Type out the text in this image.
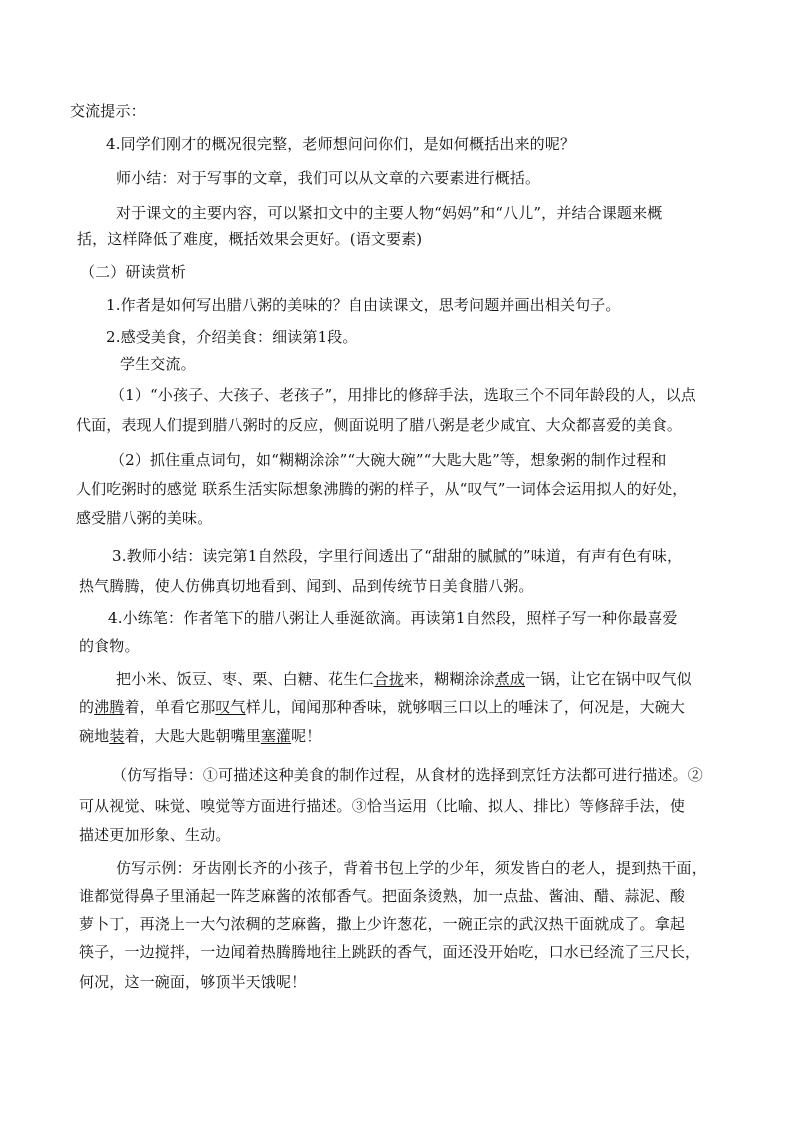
交流提示：
4.同学们刚才的概况很完整，老师想问问你们，是如何概括出来的呢？
师小结：对于写事的文章，我们可以从文章的六要素进行概括。
对于课文的主要内容，可以紧扣文中的主要人物“妈妈”和“八儿”，并结合课题来概
括，这样降低了难度，概括效果会更好。(语文要素)
（二）研读赏析
1.作者是如何写出腊八粥的美味的？自由读课文，思考问题并画出相关句子。
2.感受美食，介绍美食：细读第1段。
学生交流。
（1）“小孩子、大孩子、老孩子”，用排比的修辞手法，选取三个不同年龄段的人，以点
代面，表现人们提到腊八粥时的反应，侧面说明了腊八粥是老少咸宜、大众都喜爱的美食。
（2）抓住重点词句，如“糊糊涂涂”“大碗大碗”“大匙大匙”等，想象粥的制作过程和
人们吃粥时的感觉 联系生活实际想象沸腾的粥的样子，从“叹气”一词体会运用拟人的好处，
感受腊八粥的美味。
3.教师小结：读完第1自然段，字里行间透出了“甜甜的腻腻的”味道，有声有色有味，
热气腾腾，使人仿佛真切地看到、闻到、品到传统节日美食腊八粥。
4.小练笔：作者笔下的腊八粥让人垂涎欲滴。再读第1自然段，照样子写一种你最喜爱
的食物。
把小米、饭豆、枣、栗、白糖、花生仁合拢来，糊糊涂涂煮成一锅，让它在锅中叹气似
的沸腾着，单看它那叹气样儿，闻闻那种香味，就够咽三口以上的唾沫了，何况是，大碗大
碗地装着，大匙大匙朝嘴里塞灌呢！
（仿写指导：①可描述这种美食的制作过程，从食材的选择到烹饪方法都可进行描述。②
可从视觉、味觉、嗅觉等方面进行描述。③恰当运用（比喻、拟人、排比）等修辞手法，使
描述更加形象、生动。
仿写示例：牙齿刚长齐的小孩子，背着书包上学的少年，须发皆白的老人，提到热干面，
谁都觉得鼻子里涌起一阵芝麻酱的浓郁香气。把面条烫熟，加一点盐、酱油、醋、蒜泥、酸
萝卜丁，再浇上一大勺浓稠的芝麻酱，撒上少许葱花，一碗正宗的武汉热干面就成了。拿起
筷子，一边搅拌，一边闻着热腾腾地往上跳跃的香气，面还没开始吃，口水已经流了三尺长，
何况，这一碗面，够顶半天饿呢！
